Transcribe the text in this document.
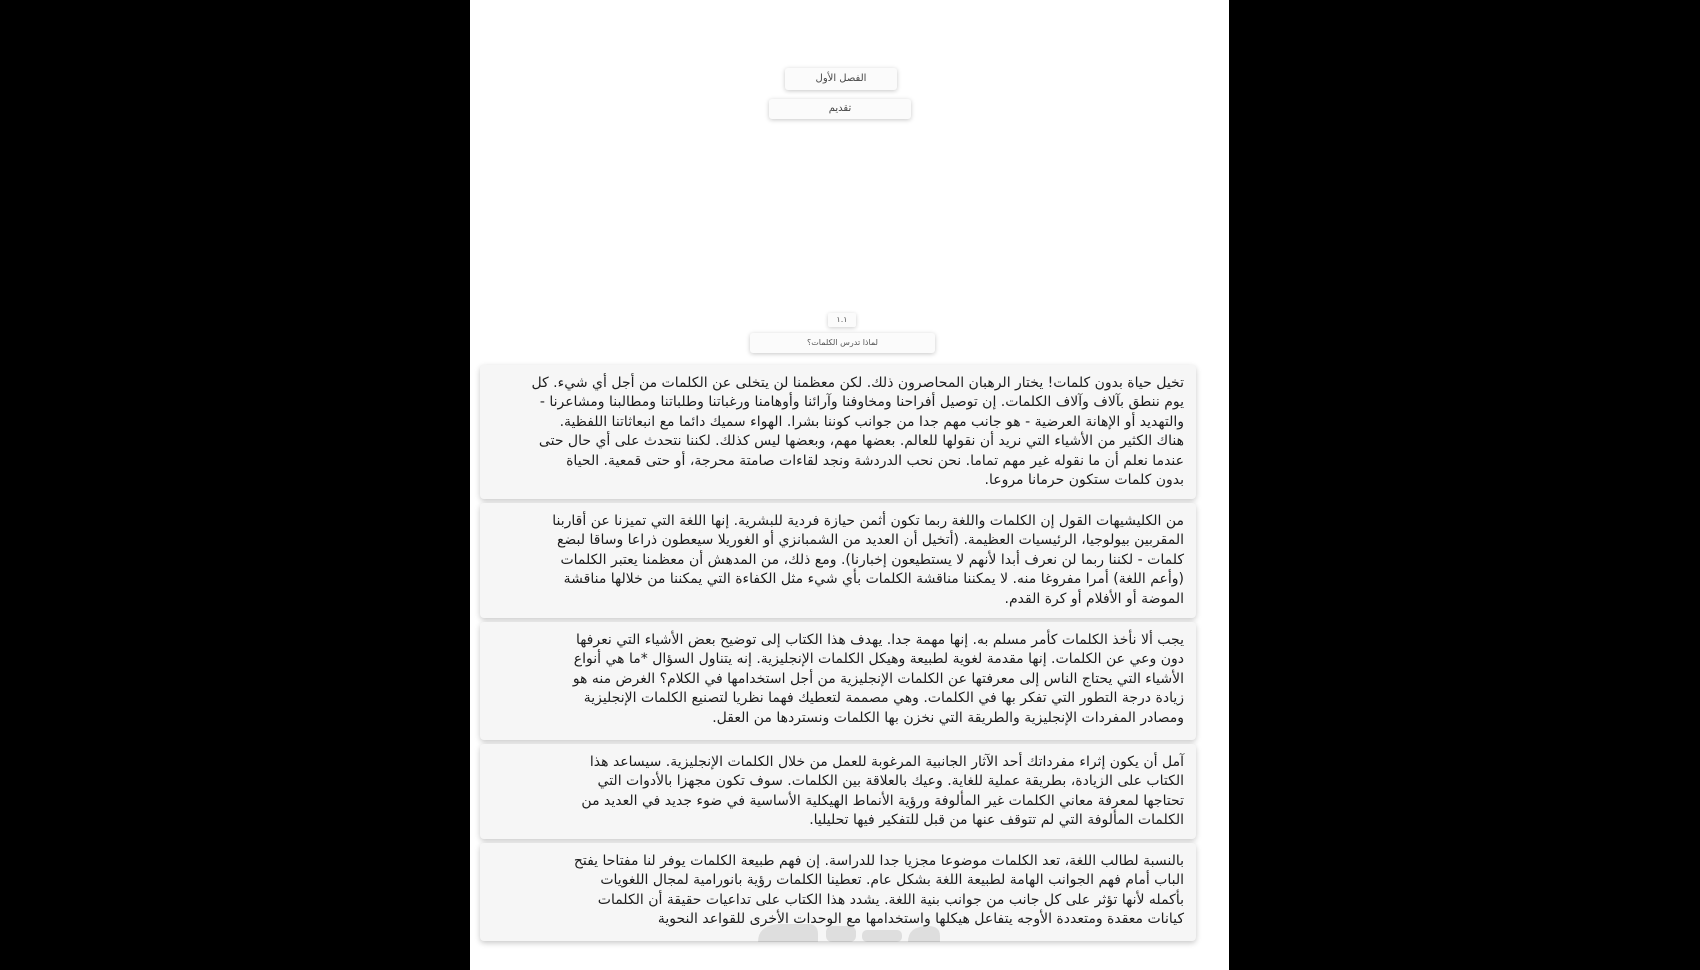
الفصل الأول
تقديم
١.١
لماذا تدرس الكلمات؟
تخيل حياة بدون كلمات! يختار الرهبان المحاصرون ذلك. لكن معظمنا لن يتخلى عن الكلمات من أجل أي شيء. كل
يوم ننطق بآلاف وآلاف الكلمات. إن توصيل أفراحنا ومخاوفنا وآرائنا وأوهامنا ورغباتنا وطلباتنا ومطالبنا ومشاعرنا -
والتهديد أو الإهانة العرضية - هو جانب مهم جدا من جوانب كوننا بشرا. الهواء سميك دائما مع انبعاثاتنا اللفظية.
هناك الكثير من الأشياء التي نريد أن نقولها للعالم. بعضها مهم، وبعضها ليس كذلك. لكننا نتحدث على أي حال حتى
عندما نعلم أن ما نقوله غير مهم تماما. نحن نحب الدردشة ونجد لقاءات صامتة محرجة، أو حتى قمعية. الحياة
بدون كلمات ستكون حرمانا مروعا.
من الكليشيهات القول إن الكلمات واللغة ربما تكون أثمن حيازة فردية للبشرية. إنها اللغة التي تميزنا عن أقاربنا
المقربين بيولوجيا، الرئيسيات العظيمة. (أتخيل أن العديد من الشمبانزي أو الغوريلا سيعطون ذراعا وساقا لبضع
كلمات - لكننا ربما لن نعرف أبدا لأنهم لا يستطيعون إخبارنا). ومع ذلك، من المدهش أن معظمنا يعتبر الكلمات
(وأعم اللغة) أمرا مفروغا منه. لا يمكننا مناقشة الكلمات بأي شيء مثل الكفاءة التي يمكننا من خلالها مناقشة
الموضة أو الأفلام أو كرة القدم.
يجب ألا نأخذ الكلمات كأمر مسلم به. إنها مهمة جدا. يهدف هذا الكتاب إلى توضيح بعض الأشياء التي نعرفها
دون وعي عن الكلمات. إنها مقدمة لغوية لطبيعة وهيكل الكلمات الإنجليزية. إنه يتناول السؤال *ما هي أنواع
الأشياء التي يحتاج الناس إلى معرفتها عن الكلمات الإنجليزية من أجل استخدامها في الكلام؟ الغرض منه هو
زيادة درجة التطور التي تفكر بها في الكلمات. وهي مصممة لتعطيك فهما نظريا لتصنيع الكلمات الإنجليزية
ومصادر المفردات الإنجليزية والطريقة التي نخزن بها الكلمات ونستردها من العقل.
آمل أن يكون إثراء مفرداتك أحد الآثار الجانبية المرغوبة للعمل من خلال الكلمات الإنجليزية. سيساعد هذا
الكتاب على الزيادة، بطريقة عملية للغاية. وعيك بالعلاقة بين الكلمات. سوف تكون مجهزا بالأدوات التي
تحتاجها لمعرفة معاني الكلمات غير المألوفة ورؤية الأنماط الهيكلية الأساسية في ضوء جديد في العديد من
الكلمات المألوفة التي لم تتوقف عنها من قبل للتفكير فيها تحليليا.
بالنسبة لطالب اللغة، تعد الكلمات موضوعا مجزيا جدا للدراسة. إن فهم طبيعة الكلمات يوفر لنا مفتاحا يفتح
الباب أمام فهم الجوانب الهامة لطبيعة اللغة بشكل عام. تعطينا الكلمات رؤية بانورامية لمجال اللغويات
بأكمله لأنها تؤثر على كل جانب من جوانب بنية اللغة. يشدد هذا الكتاب على تداعيات حقيقة أن الكلمات
كيانات معقدة ومتعددة الأوجه يتفاعل هيكلها واستخدامها مع الوحدات الأخرى للقواعد النحوية
